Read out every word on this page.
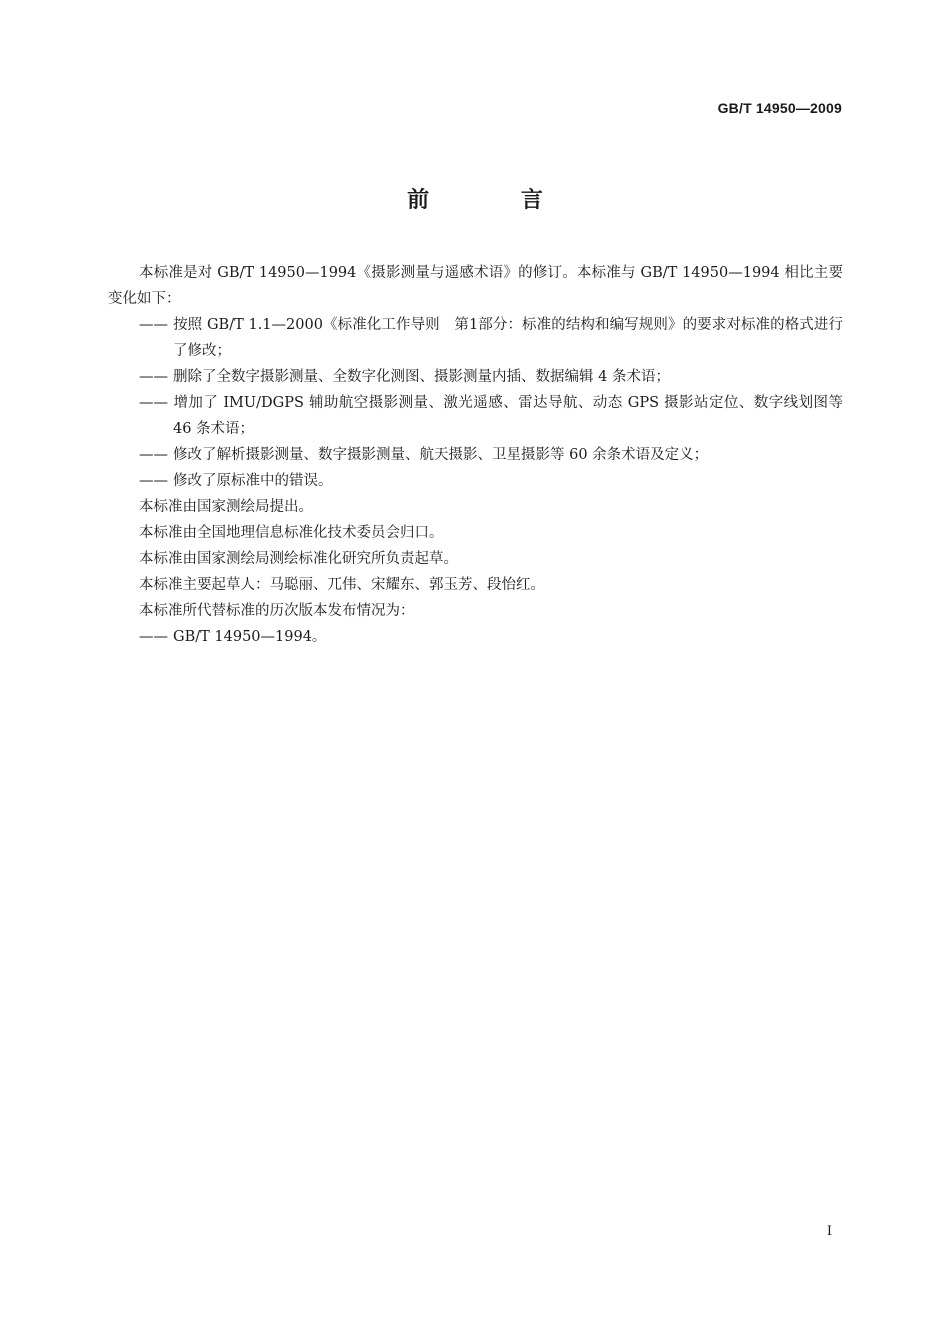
GB/T 14950—2009
前 言

本标准是对 GB/T 14950—1994《摄影测量与遥感术语》的修订。本标准与 GB/T 14950—1994 相比主要变化如下：

—— 按照 GB/T 1.1—2000《标准化工作导则　第1部分：标准的结构和编写规则》的要求对标准的格式进行了修改；

—— 删除了全数字摄影测量、全数字化测图、摄影测量内插、数据编辑 4 条术语；

—— 增加了 IMU/DGPS 辅助航空摄影测量、激光遥感、雷达导航、动态 GPS 摄影站定位、数字线划图等 46 条术语；

—— 修改了解析摄影测量、数字摄影测量、航天摄影、卫星摄影等 60 余条术语及定义；

—— 修改了原标准中的错误。

本标准由国家测绘局提出。

本标准由全国地理信息标准化技术委员会归口。

本标准由国家测绘局测绘标准化研究所负责起草。

本标准主要起草人：马聪丽、兀伟、宋耀东、郭玉芳、段怡红。

本标准所代替标准的历次版本发布情况为：

—— GB/T 14950—1994。

I
